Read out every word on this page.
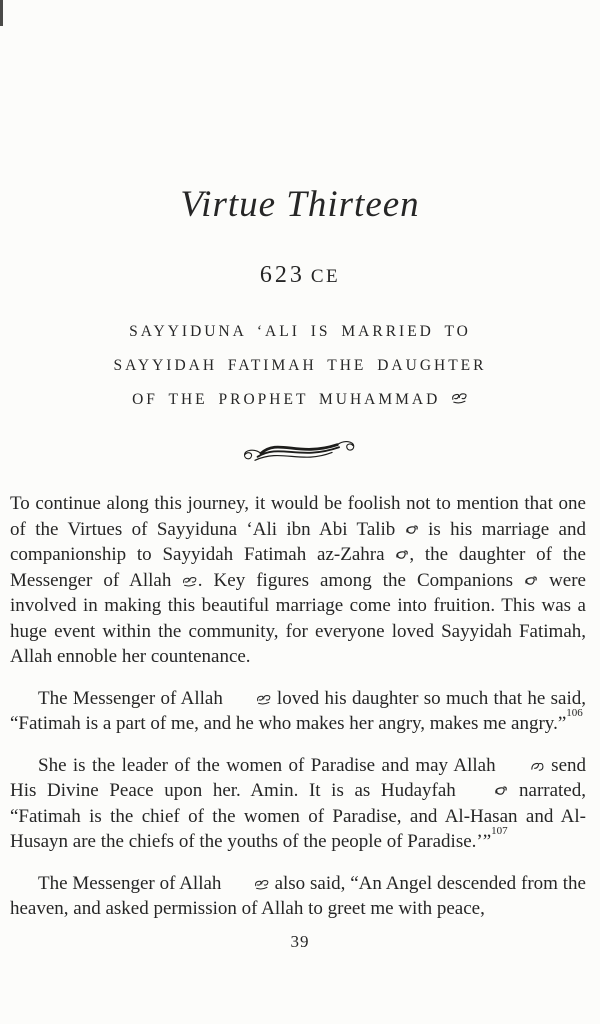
Virtue Thirteen
623 CE
SAYYIDUNA ‘ALI IS MARRIED TO
SAYYIDAH FATIMAH THE DAUGHTER
OF THE PROPHET MUHAMMAD

To continue along this journey, it would be foolish not to mention that one of the Virtues of Sayyiduna ‘Ali ibn Abi Talib  is his marriage and companionship to Sayyidah Fatimah az-Zahra , the daughter of the Messenger of Allah . Key figures among the Companions  were involved in making this beautiful marriage come into fruition. This was a huge event within the community, for everyone loved Sayyidah Fatimah, Allah ennoble her countenance.

The Messenger of Allah  loved his daughter so much that he said, “Fatimah is a part of me, and he who makes her angry, makes me angry.”$^{106}$

She is the leader of the women of Paradise and may Allah  send His Divine Peace upon her. Amin. It is as Hudayfah  narrated, “Fatimah is the chief of the women of Paradise, and Al-Hasan and Al-Husayn are the chiefs of the youths of the people of Paradise.’”$^{107}$

The Messenger of Allah  also said, “An Angel descended from the heaven, and asked permission of Allah to greet me with peace,

39
